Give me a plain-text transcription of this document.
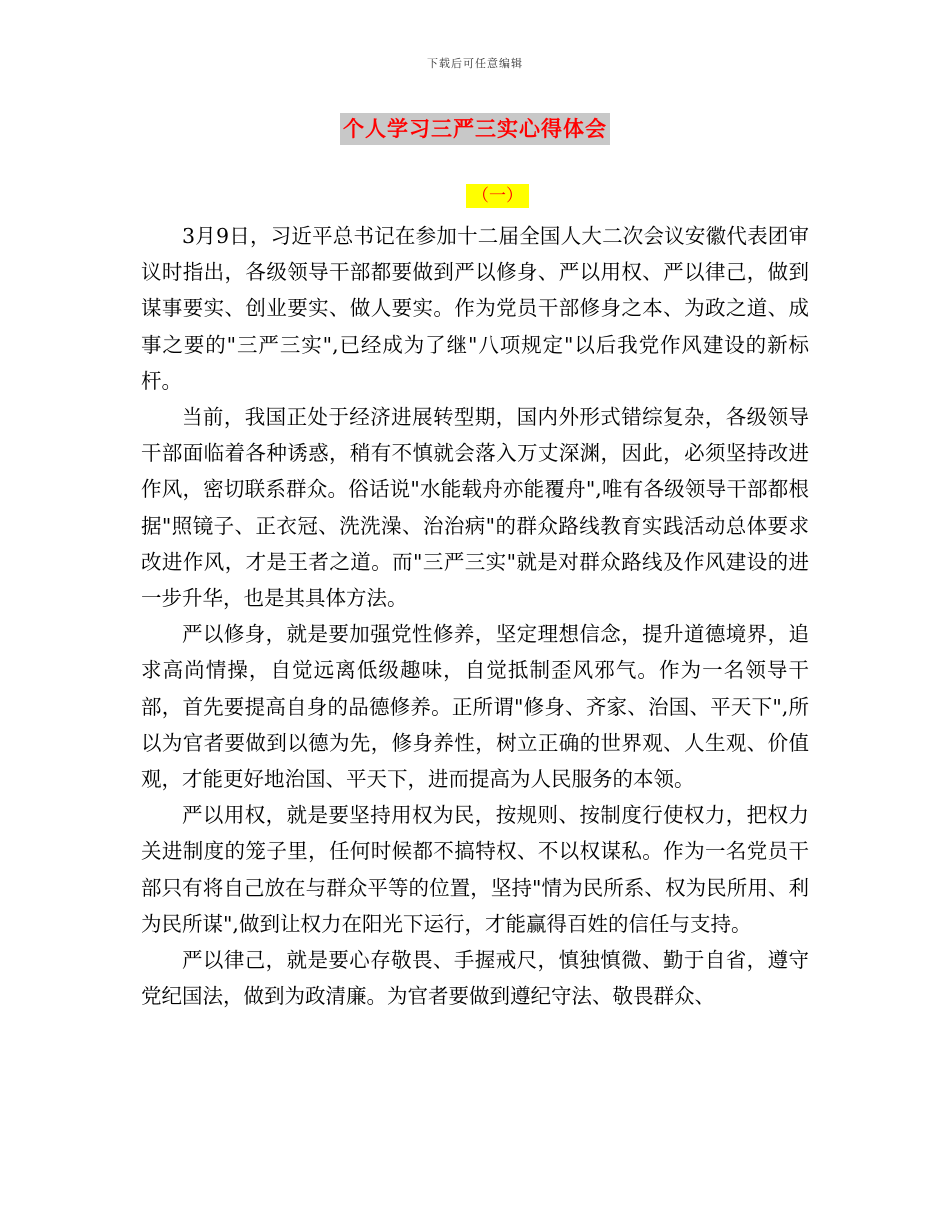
下载后可任意编辑
个人学习三严三实心得体会
（一）

3月9日，习近平总书记在参加十二届全国人大二次会议安徽代表团审议时指出，各级领导干部都要做到严以修身、严以用权、严以律己，做到谋事要实、创业要实、做人要实。作为党员干部修身之本、为政之道、成事之要的"三严三实",已经成为了继"八项规定"以后我党作风建设的新标杆。

当前，我国正处于经济进展转型期，国内外形式错综复杂，各级领导干部面临着各种诱惑，稍有不慎就会落入万丈深渊，因此，必须坚持改进作风，密切联系群众。俗话说"水能载舟亦能覆舟",唯有各级领导干部都根据"照镜子、正衣冠、洗洗澡、治治病"的群众路线教育实践活动总体要求改进作风，才是王者之道。而"三严三实"就是对群众路线及作风建设的进一步升华，也是其具体方法。

严以修身，就是要加强党性修养，坚定理想信念，提升道德境界，追求高尚情操，自觉远离低级趣味，自觉抵制歪风邪气。作为一名领导干部，首先要提高自身的品德修养。正所谓"修身、齐家、治国、平天下",所以为官者要做到以德为先，修身养性，树立正确的世界观、人生观、价值观，才能更好地治国、平天下，进而提高为人民服务的本领。

严以用权，就是要坚持用权为民，按规则、按制度行使权力，把权力关进制度的笼子里，任何时候都不搞特权、不以权谋私。作为一名党员干部只有将自己放在与群众平等的位置，坚持"情为民所系、权为民所用、利为民所谋",做到让权力在阳光下运行，才能赢得百姓的信任与支持。

严以律己，就是要心存敬畏、手握戒尺，慎独慎微、勤于自省，遵守党纪国法，做到为政清廉。为官者要做到遵纪守法、敬畏群众、
